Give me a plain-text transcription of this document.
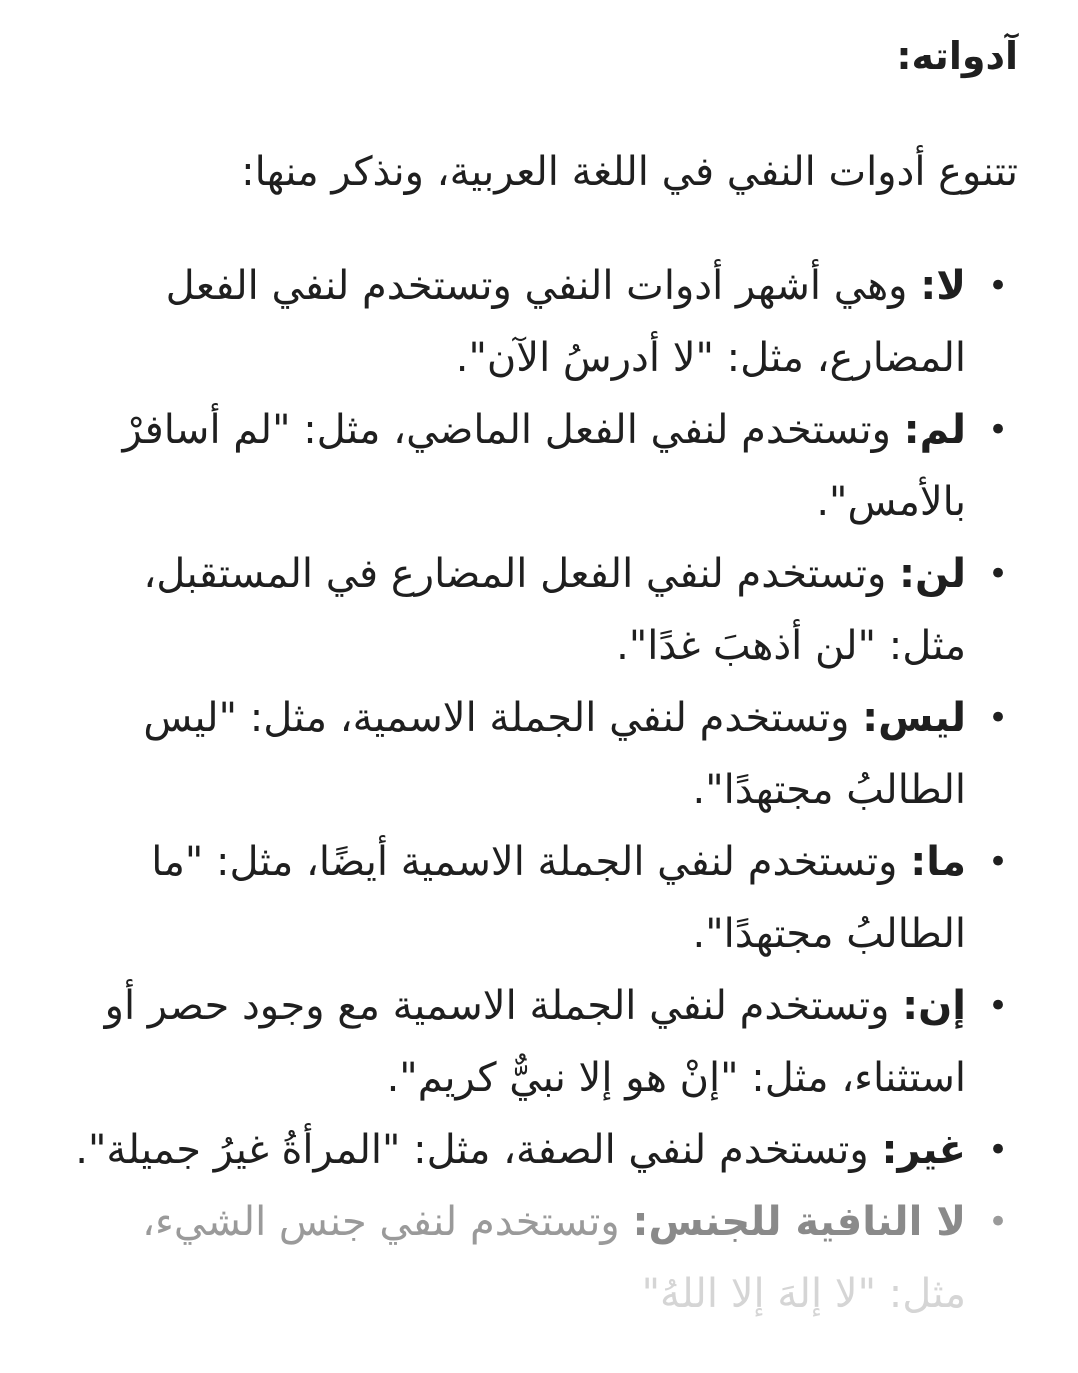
آدواته:
تتنوع أدوات النفي في اللغة العربية، ونذكر منها:
•
لا: وهي أشهر أدوات النفي وتستخدم لنفي الفعل المضارع، مثل: "لا أدرسُ الآن".
•
لم: وتستخدم لنفي الفعل الماضي، مثل: "لم أسافرْ بالأمس".
•
لن: وتستخدم لنفي الفعل المضارع في المستقبل، مثل: "لن أذهبَ غدًا".
•
ليس: وتستخدم لنفي الجملة الاسمية، مثل: "ليس الطالبُ مجتهدًا".
•
ما: وتستخدم لنفي الجملة الاسمية أيضًا، مثل: "ما الطالبُ مجتهدًا".
•
إن: وتستخدم لنفي الجملة الاسمية مع وجود حصر أو استثناء، مثل: "إنْ هو إلا نبيٌّ كريم".
•
غير: وتستخدم لنفي الصفة، مثل: "المرأةُ غيرُ جميلة".
•
لا النافية للجنس: وتستخدم لنفي جنس الشيء،
مثل: "لا إلهَ إلا اللهُ"
